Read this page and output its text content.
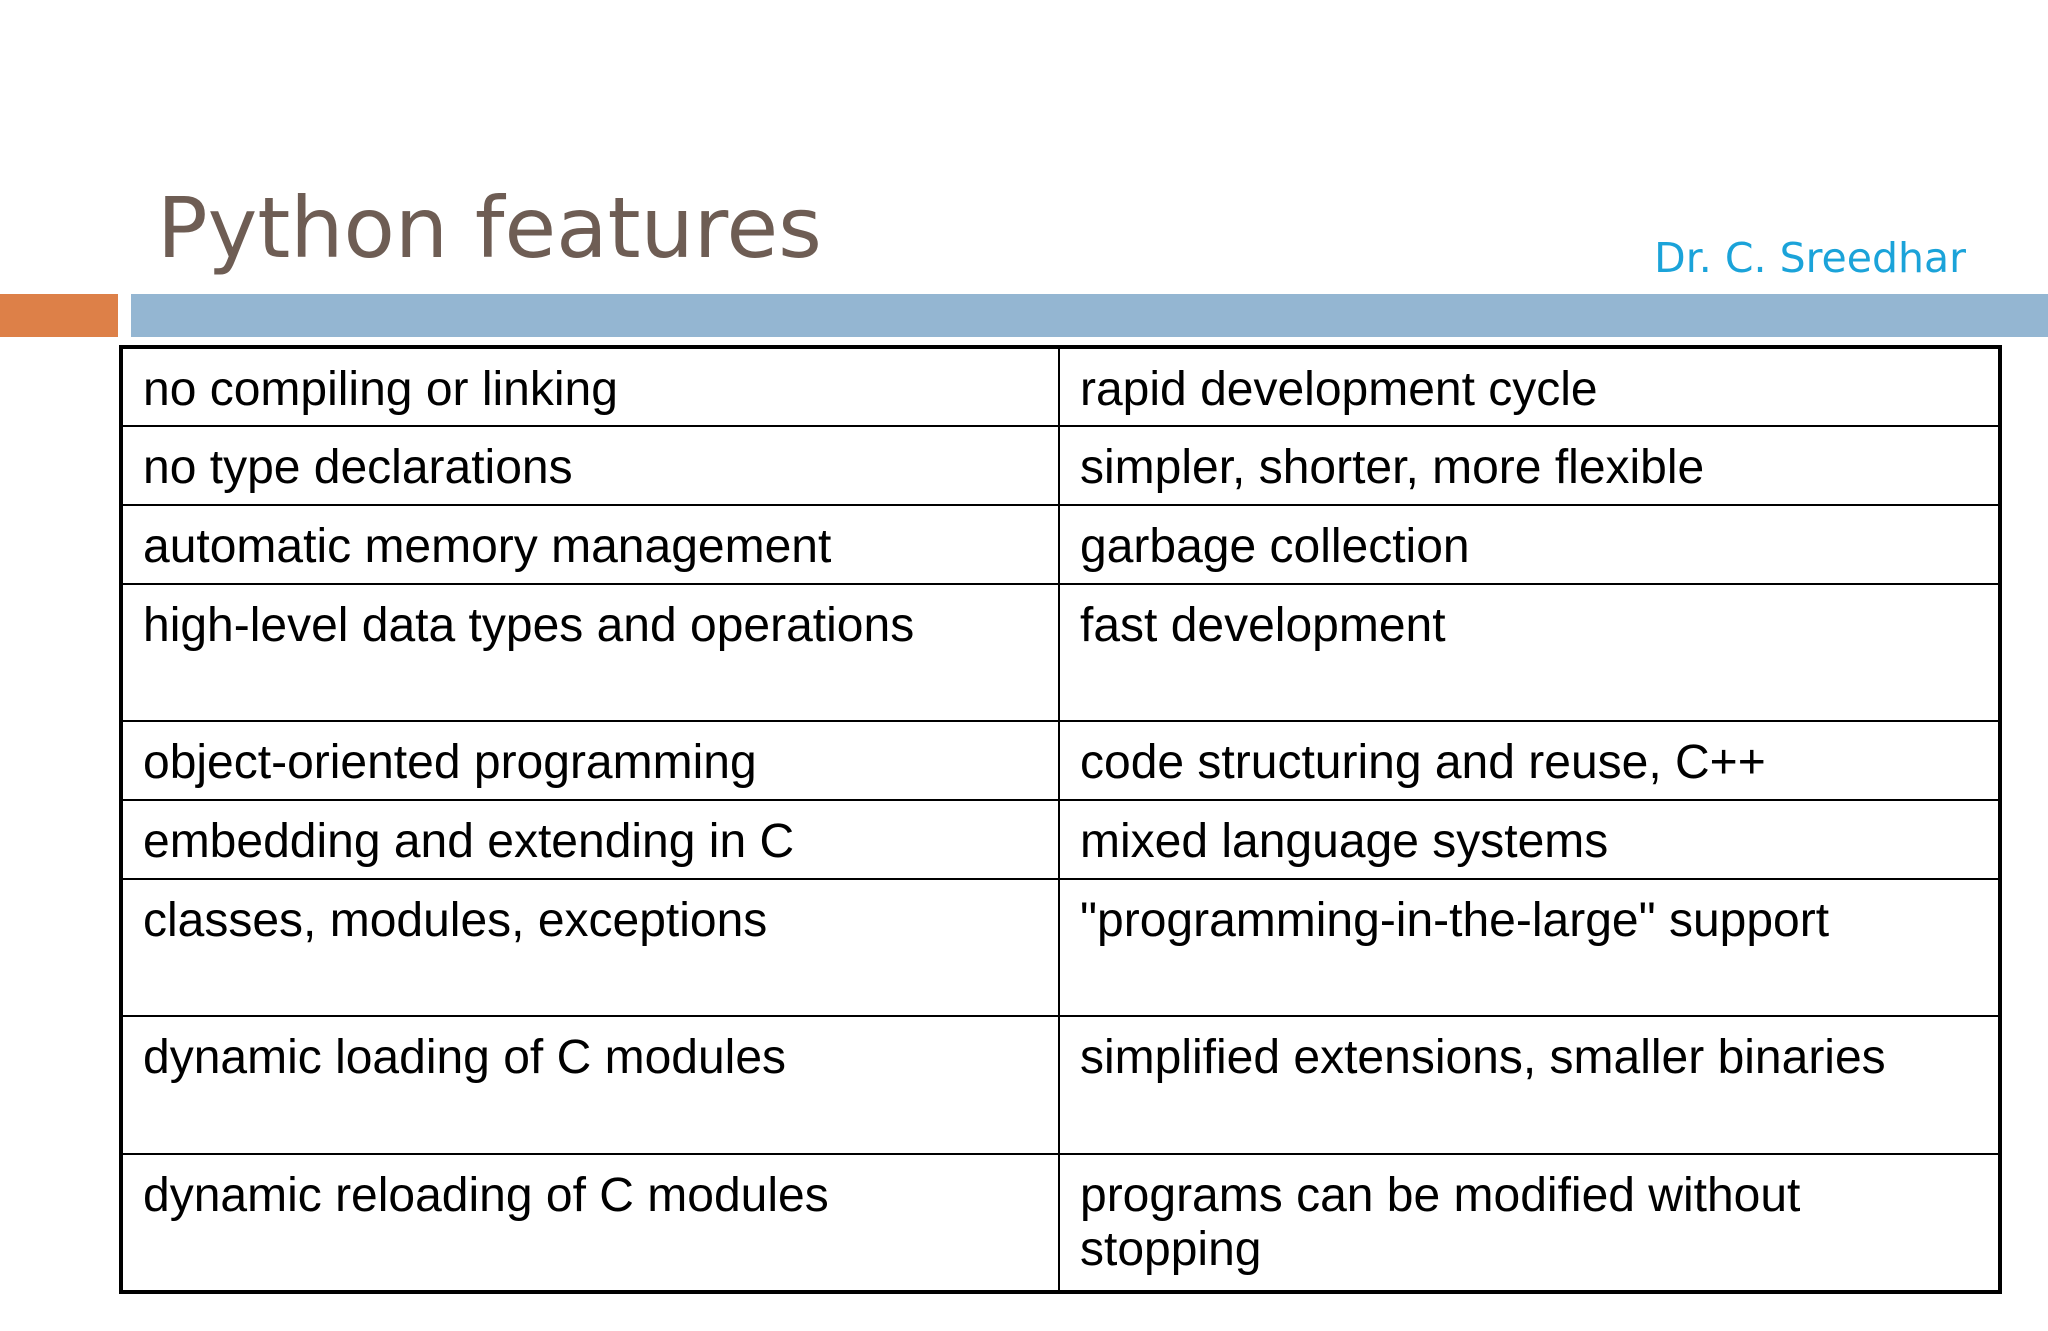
Python features	Dr. C. Sreedhar
no compiling or linking	rapid development cycle
no type declarations	simpler, shorter, more flexible
automatic memory management	garbage collection
high-level data types and operations	fast development
object-oriented programming	code structuring and reuse, C++
embedding and extending in C	mixed language systems
classes, modules, exceptions	"programming-in-the-large" support
dynamic loading of C modules	simplified extensions, smaller binaries
dynamic reloading of C modules	programs can be modified without stopping
